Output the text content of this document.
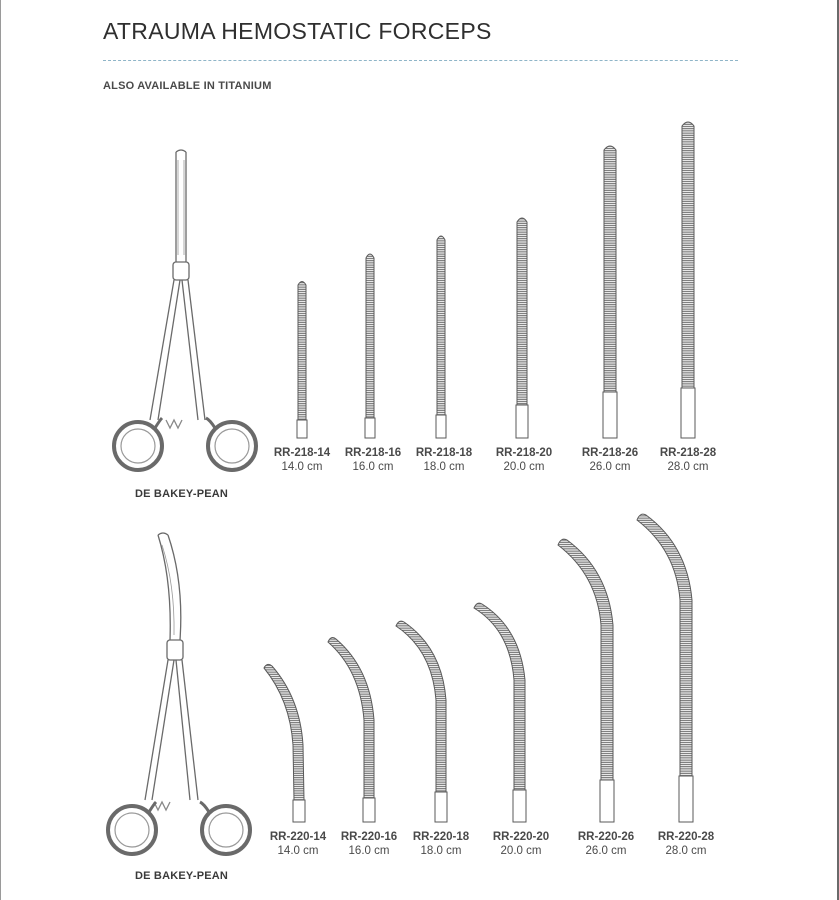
ATRAUMA HEMOSTATIC FORCEPS
ALSO AVAILABLE IN TITANIUM
DE BAKEY-PEAN
RR-218-14
14.0 cm
RR-218-16
16.0 cm
RR-218-18
18.0 cm
RR-218-20
20.0 cm
RR-218-26
26.0 cm
RR-218-28
28.0 cm
DE BAKEY-PEAN
RR-220-14
14.0 cm
RR-220-16
16.0 cm
RR-220-18
18.0 cm
RR-220-20
20.0 cm
RR-220-26
26.0 cm
RR-220-28
28.0 cm
